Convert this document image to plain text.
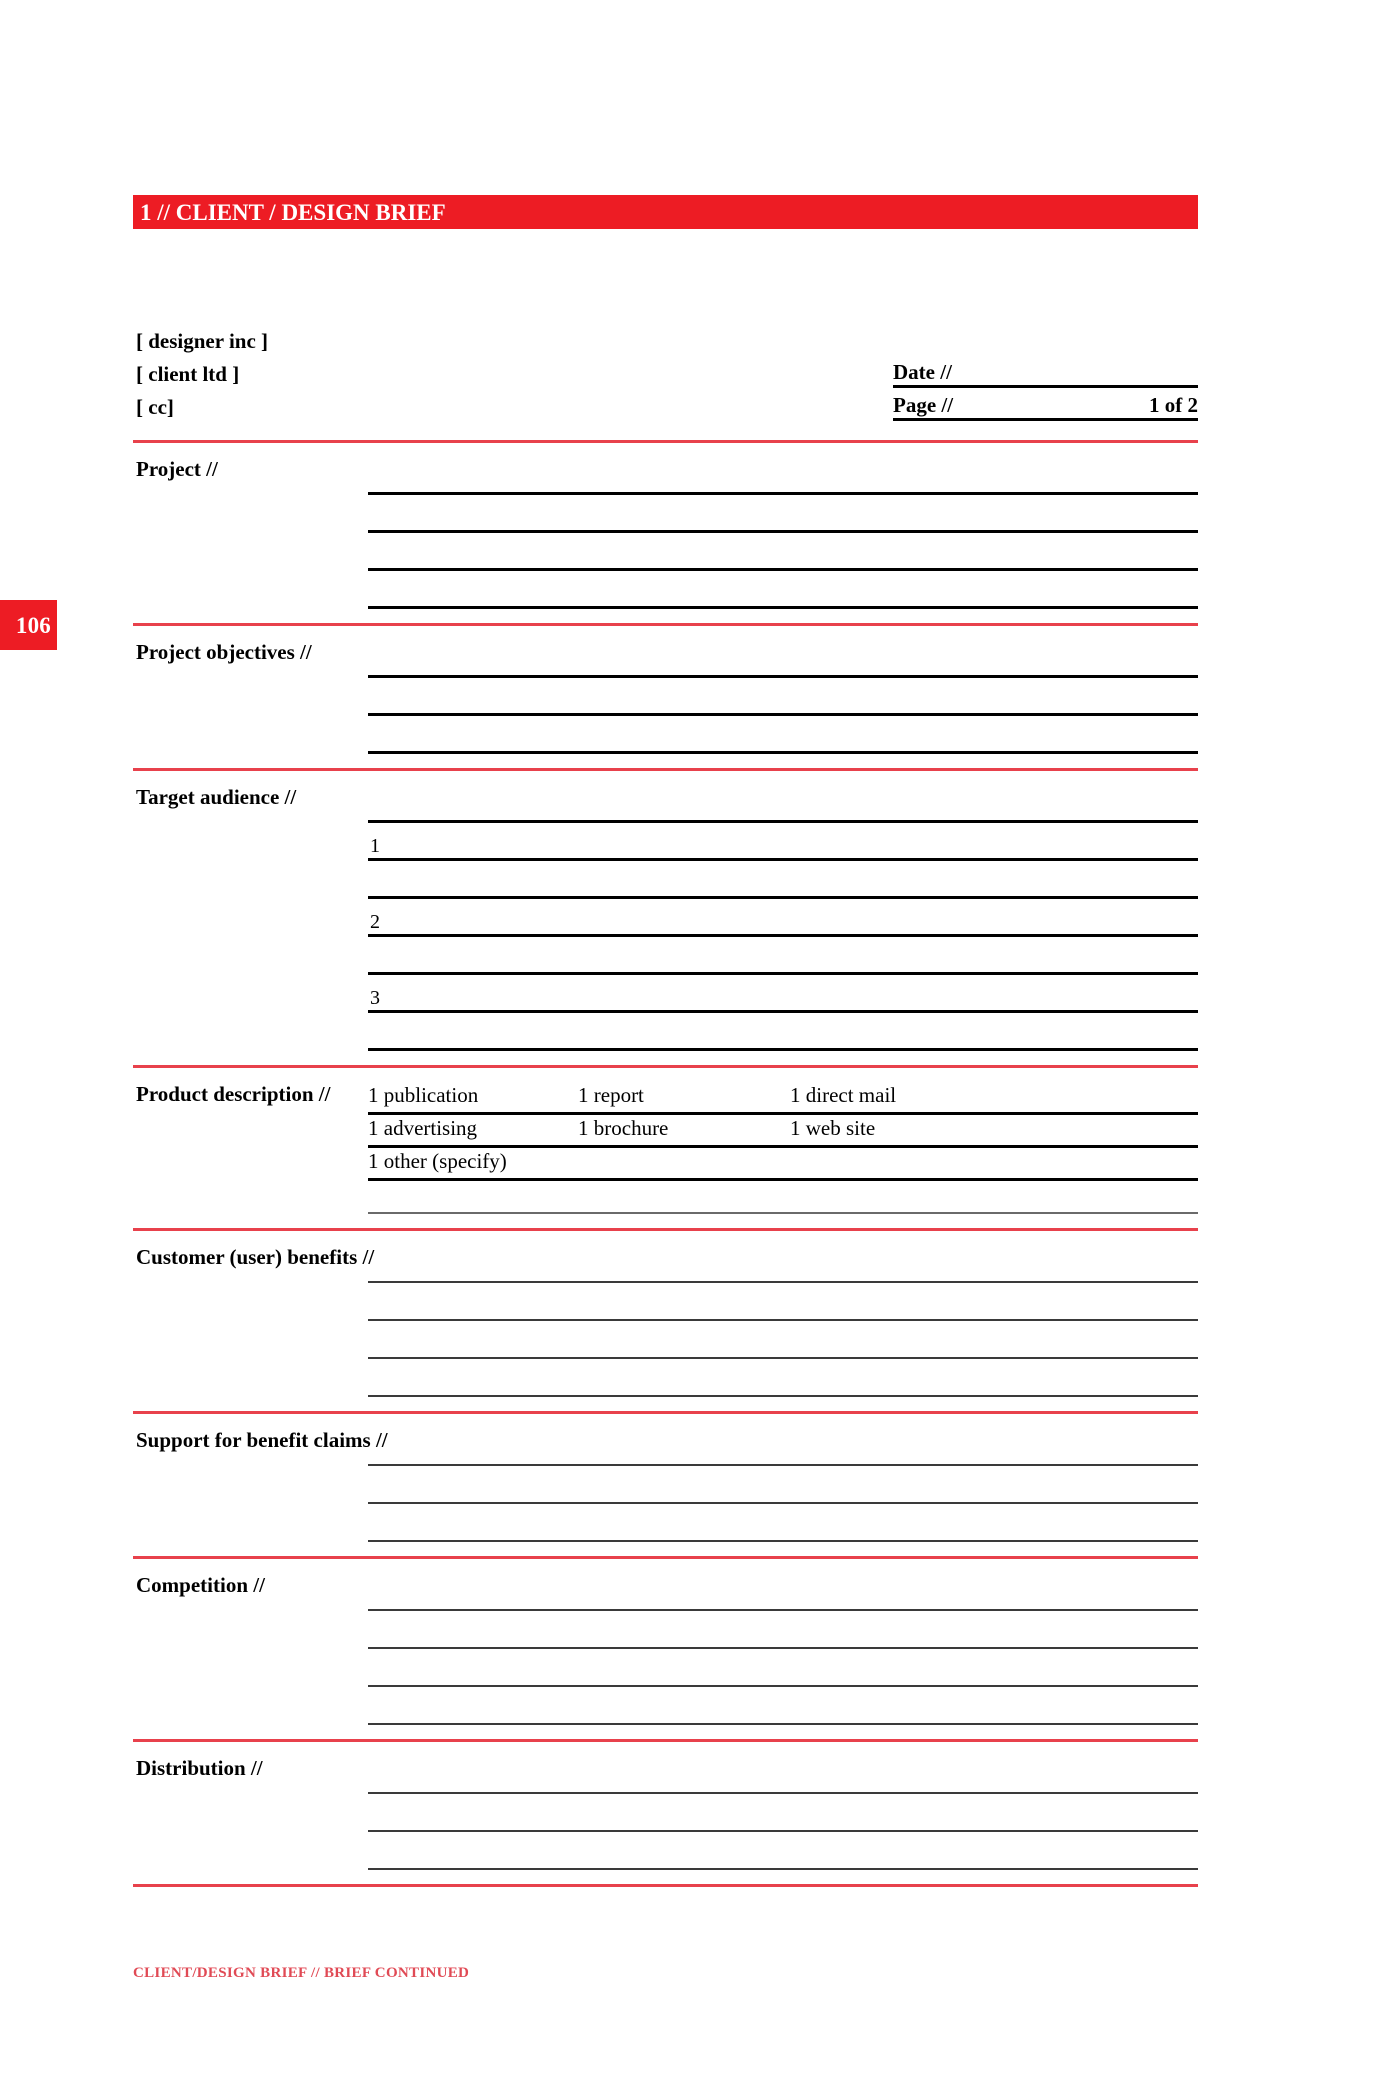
106
1 // CLIENT / DESIGN BRIEF
[ designer inc ]
[ client ltd ]
[ cc]
Date //
Page //	1 of 2
Project //
Project objectives //
Target audience //
1
2
3
Product description //	1 publication	1 report	1 direct mail
1 advertising	1 brochure	1 web site
1 other (specify)
Customer (user) benefits //
Support for benefit claims //
Competition //
Distribution //
CLIENT/DESIGN BRIEF // BRIEF CONTINUED
